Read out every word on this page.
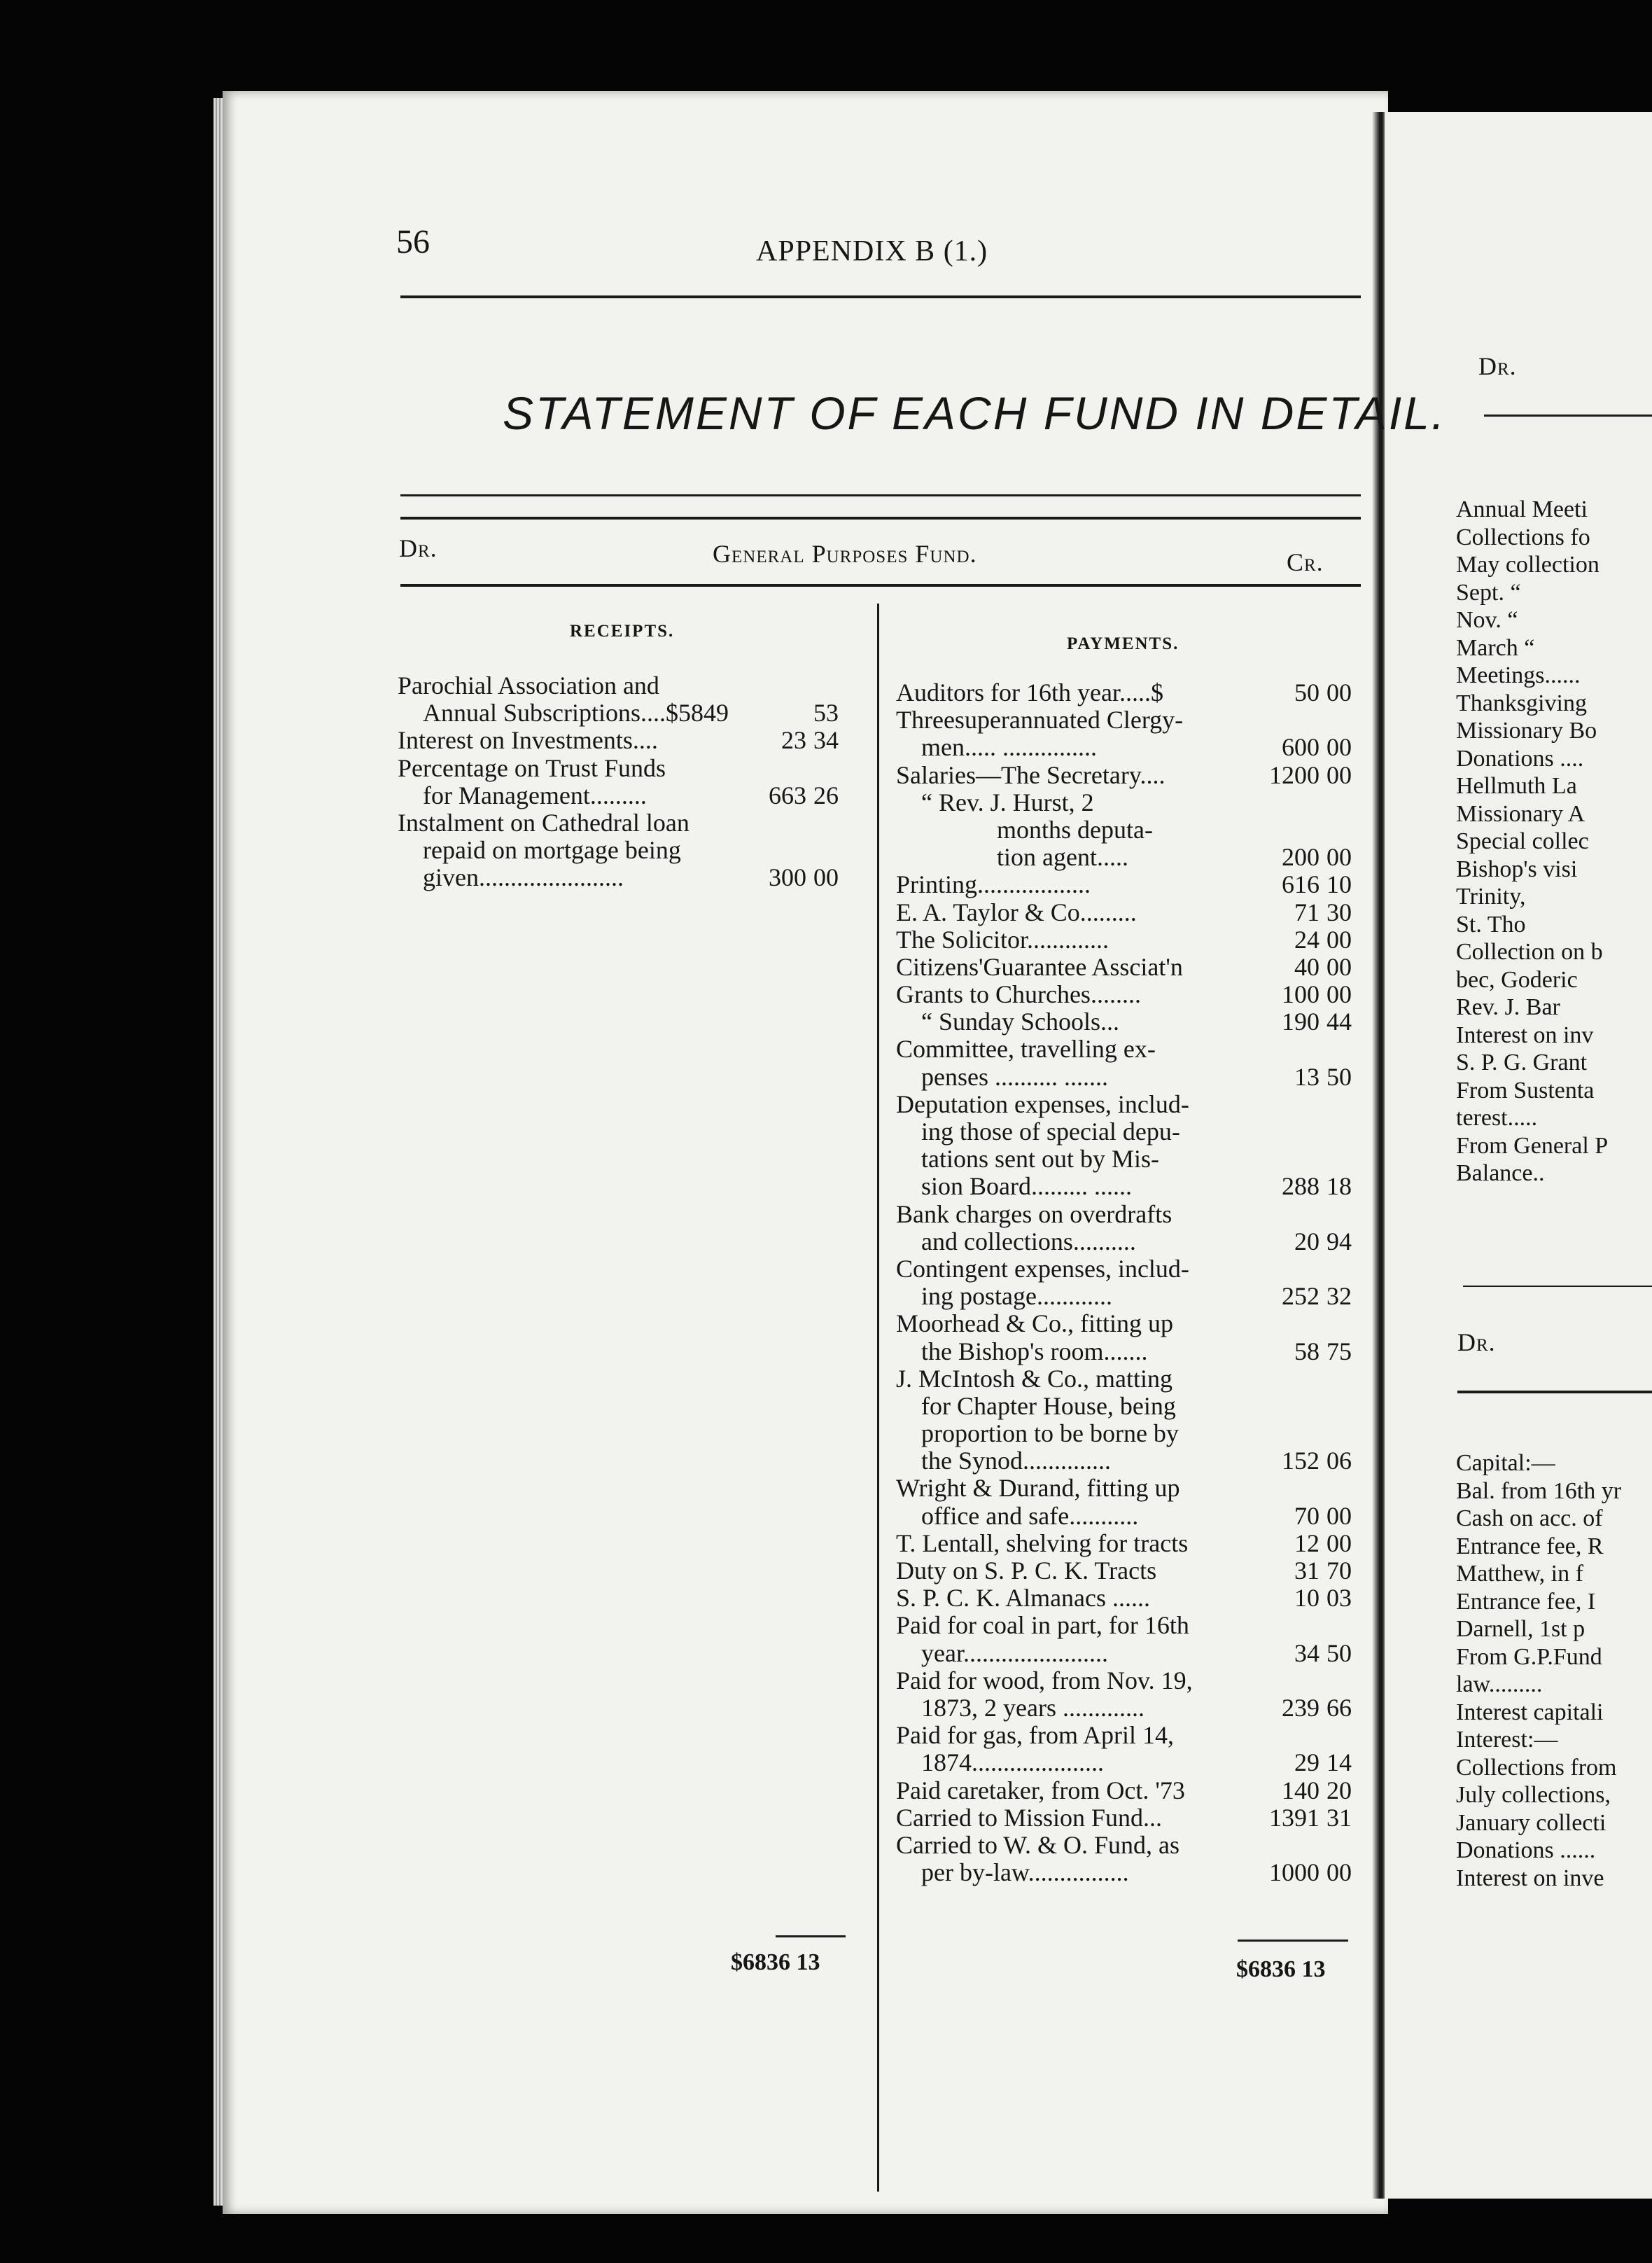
56	APPENDIX B (1.)
STATEMENT OF EACH FUND IN DETAIL.
Dr.	General Purposes Fund.	Cr.
RECEIPTS.
PAYMENTS.
Parochial Association and
Annual Subscriptions....$5849	53
Interest on Investments....	23 34
Percentage on Trust Funds
for Management.........	663 26
Instalment on Cathedral loan
repaid on mortgage being
given.......................	300 00
Auditors for 16th year.....$	50 00
Threesuperannuated Clergy-
men..... ...............	600 00
Salaries—The Secretary....	1200 00
“ Rev. J. Hurst, 2
months deputa-
tion agent.....	200 00
Printing..................	616 10
E. A. Taylor & Co.........	71 30
The Solicitor.............	24 00
Citizens'Guarantee Assciat'n	40 00
Grants to Churches........	100 00
“ Sunday Schools...	190 44
Committee, travelling ex-
penses .......... .......	13 50
Deputation expenses, includ-
ing those of special depu-
tations sent out by Mis-
sion Board......... ......	288 18
Bank charges on overdrafts
and collections..........	20 94
Contingent expenses, includ-
ing postage............	252 32
Moorhead & Co., fitting up
the Bishop's room.......	58 75
J. McIntosh & Co., matting
for Chapter House, being
proportion to be borne by
the Synod..............	152 06
Wright & Durand, fitting up
office and safe...........	70 00
T. Lentall, shelving for tracts	12 00
Duty on S. P. C. K. Tracts	31 70
S. P. C. K. Almanacs ......	10 03
Paid for coal in part, for 16th
year.......................	34 50
Paid for wood, from Nov. 19,
1873, 2 years .............	239 66
Paid for gas, from April 14,
1874.....................	29 14
Paid caretaker, from Oct. '73	140 20
Carried to Mission Fund...	1391 31
Carried to W. & O. Fund, as
per by-law................	1000 00
$6836 13	$6836 13
Dr.
Annual Meeti
Collections fo
May collection
Sept. “
Nov. “
March “
Meetings......
Thanksgiving
Missionary Bo
Donations ....
Hellmuth La
Missionary A
Special collec
Bishop's visi
Trinity,
St. Tho
Collection on b
bec, Goderic
Rev. J. Bar
Interest on inv
S. P. G. Grant
From Sustenta
terest.....
From General P
Balance..
Dr.
Capital:—
Bal. from 16th yr
Cash on acc. of
Entrance fee, R
Matthew, in f
Entrance fee, I
Darnell, 1st p
From G.P.Fund
law.........
Interest capitali
Interest:—
Collections from
July collections,
January collecti
Donations ......
Interest on inve
